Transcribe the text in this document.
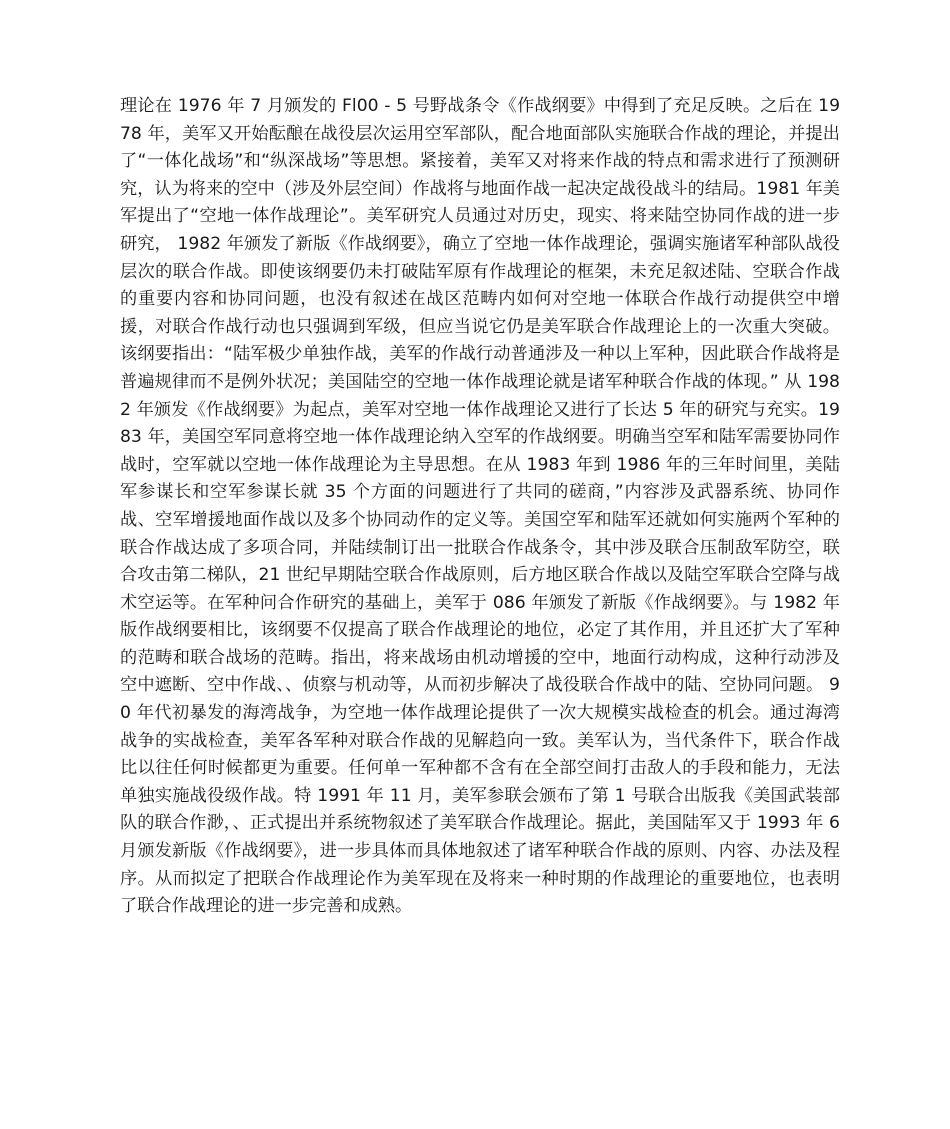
理论在 1976 年 7 月颁发的 Fl00 - 5 号野战条令《作战纲要》中得到了充足反映。之后在 1978 年，美军又开始酝酿在战役层次运用空军部队，配合地面部队实施联合作战的理论，并提出了“一体化战场”和“纵深战场”等思想。紧接着，美军又对将来作战的特点和需求进行了预测研究，认为将来的空中（涉及外层空间）作战将与地面作战一起决定战役战斗的结局。1981 年美军提出了“空地一体作战理论”。美军研究人员通过对历史，现实、将来陆空协同作战的进一步研究， 1982 年颁发了新版《作战纲要》，确立了空地一体作战理论，强调实施诸军种部队战役层次的联合作战。即使该纲要仍未打破陆军原有作战理论的框架，未充足叙述陆、空联合作战的重要内容和协同问题，也没有叙述在战区范畴内如何对空地一体联合作战行动提供空中增援，对联合作战行动也只强调到军级，但应当说它仍是美军联合作战理论上的一次重大突破。该纲要指出：“陆军极少单独作战，美军的作战行动普通涉及一种以上军种，因此联合作战将是普遍规律而不是例外状况；美国陆空的空地一体作战理论就是诸军种联合作战的体现。” 从 1982 年颁发《作战纲要》为起点，美军对空地一体作战理论又进行了长达 5 年的研究与充实。1983 年，美国空军同意将空地一体作战理论纳入空军的作战纲要。明确当空军和陆军需要协同作战时，空军就以空地一体作战理论为主导思想。在从 1983 年到 1986 年的三年时间里，美陆军参谋长和空军参谋长就 35 个方面的问题进行了共同的磋商，”内容涉及武器系统、协同作战、空军增援地面作战以及多个协同动作的定义等。美国空军和陆军还就如何实施两个军种的联合作战达成了多项合同，并陆续制订出一批联合作战条令，其中涉及联合压制敌军防空，联合攻击第二梯队，21 世纪早期陆空联合作战原则，后方地区联合作战以及陆空军联合空降与战术空运等。在军种问合作研究的基础上，美军于 086 年颁发了新版《作战纲要》。与 1982 年版作战纲要相比，该纲要不仅提高了联合作战理论的地位，必定了其作用，并且还扩大了军种的范畴和联合战场的范畴。指出，将来战场由机动增援的空中，地面行动构成，这种行动涉及空中遮断、空中作战、、侦察与机动等，从而初步解决了战役联合作战中的陆、空协同问题。 90 年代初暴发的海湾战争，为空地一体作战理论提供了一次大规模实战检查的机会。通过海湾战争的实战检查，美军各军种对联合作战的见解趋向一致。美军认为，当代条件下，联合作战比以往任何时候都更为重要。任何单一军种都不含有在全部空间打击敌人的手段和能力，无法单独实施战役级作战。特 1991 年 11 月，美军参联会颁布了第 1 号联合出版我《美国武装部队的联合作渺，、正式提出并系统物叙述了美军联合作战理论。据此，美国陆军又于 1993 年 6 月颁发新版《作战纲要》，进一步具体而具体地叙述了诸军种联合作战的原则、内容、办法及程序。从而拟定了把联合作战理论作为美军现在及将来一种时期的作战理论的重要地位，也表明了联合作战理论的进一步完善和成熟。
